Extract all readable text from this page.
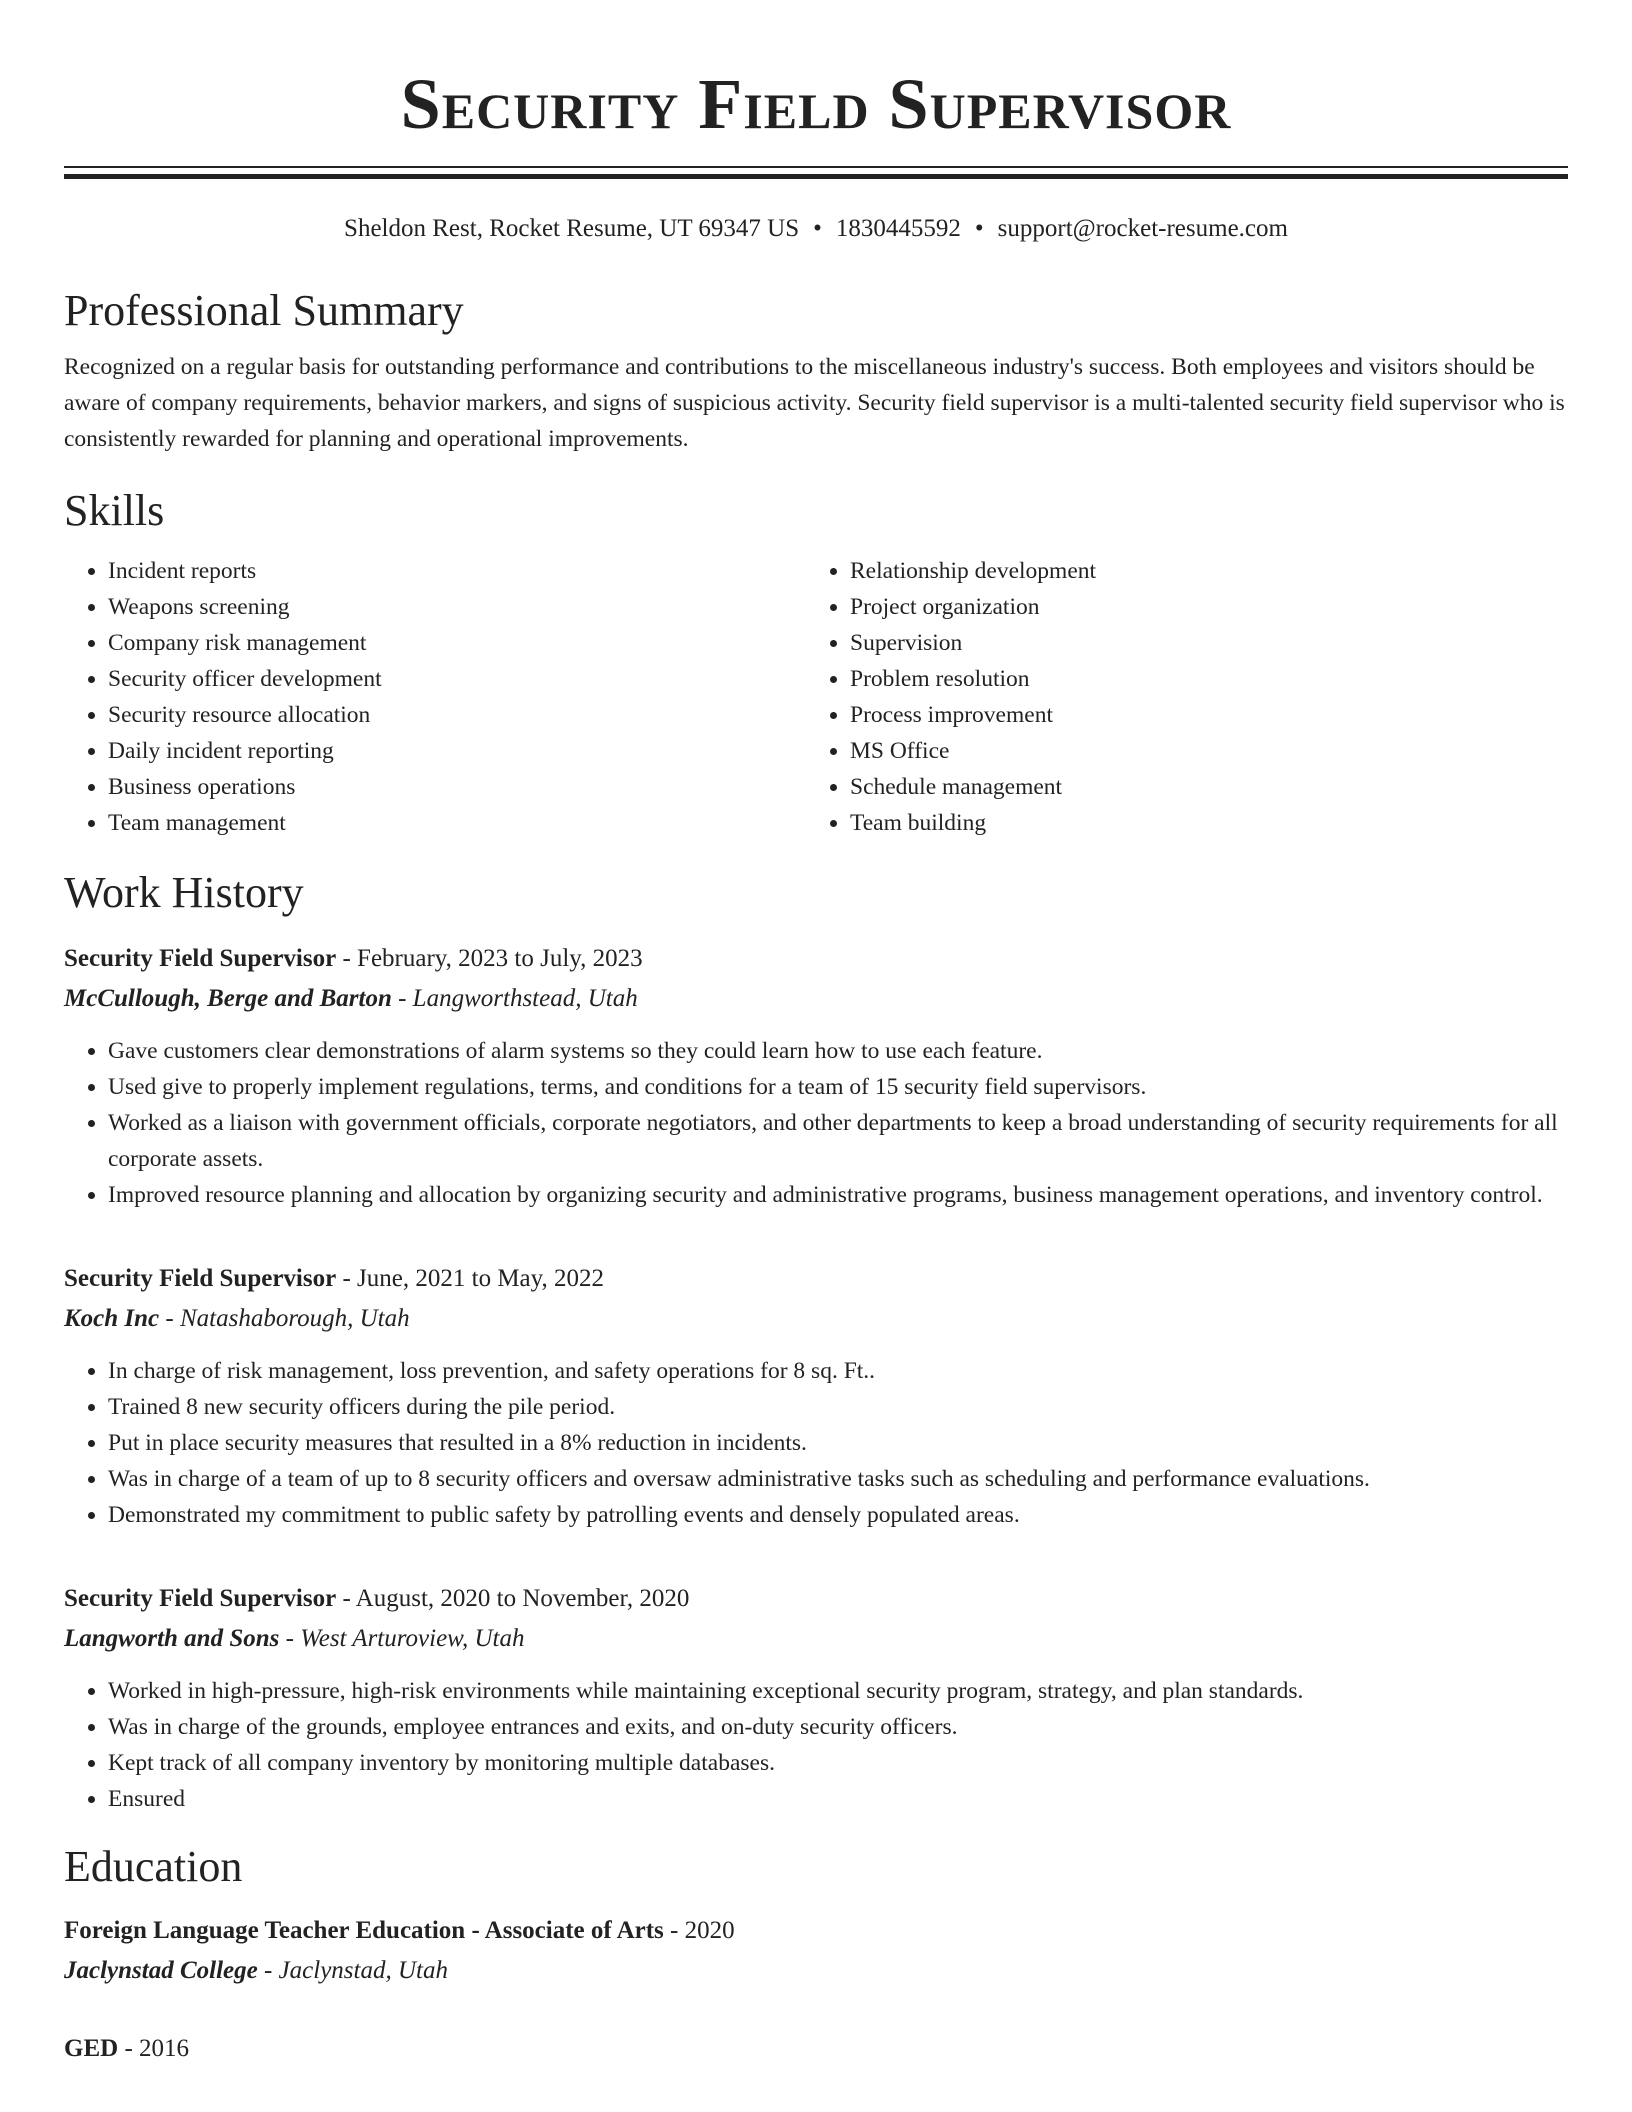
Security Field Supervisor
Sheldon Rest, Rocket Resume, UT 69347 US • 1830445592 • support@rocket-resume.com
Professional Summary
Recognized on a regular basis for outstanding performance and contributions to the miscellaneous industry's success. Both employees and visitors should be aware of company requirements, behavior markers, and signs of suspicious activity. Security field supervisor is a multi-talented security field supervisor who is consistently rewarded for planning and operational improvements.
Skills
• Incident reports
• Weapons screening
• Company risk management
• Security officer development
• Security resource allocation
• Daily incident reporting
• Business operations
• Team management
• Relationship development
• Project organization
• Supervision
• Problem resolution
• Process improvement
• MS Office
• Schedule management
• Team building
Work History
Security Field Supervisor - February, 2023 to July, 2023
McCullough, Berge and Barton - Langworthstead, Utah
• Gave customers clear demonstrations of alarm systems so they could learn how to use each feature.
• Used give to properly implement regulations, terms, and conditions for a team of 15 security field supervisors.
• Worked as a liaison with government officials, corporate negotiators, and other departments to keep a broad understanding of security requirements for all corporate assets.
• Improved resource planning and allocation by organizing security and administrative programs, business management operations, and inventory control.
Security Field Supervisor - June, 2021 to May, 2022
Koch Inc - Natashaborough, Utah
• In charge of risk management, loss prevention, and safety operations for 8 sq. Ft..
• Trained 8 new security officers during the pile period.
• Put in place security measures that resulted in a 8% reduction in incidents.
• Was in charge of a team of up to 8 security officers and oversaw administrative tasks such as scheduling and performance evaluations.
• Demonstrated my commitment to public safety by patrolling events and densely populated areas.
Security Field Supervisor - August, 2020 to November, 2020
Langworth and Sons - West Arturoview, Utah
• Worked in high-pressure, high-risk environments while maintaining exceptional security program, strategy, and plan standards.
• Was in charge of the grounds, employee entrances and exits, and on-duty security officers.
• Kept track of all company inventory by monitoring multiple databases.
• Ensured
Education
Foreign Language Teacher Education - Associate of Arts - 2020
Jaclynstad College - Jaclynstad, Utah
GED - 2016
